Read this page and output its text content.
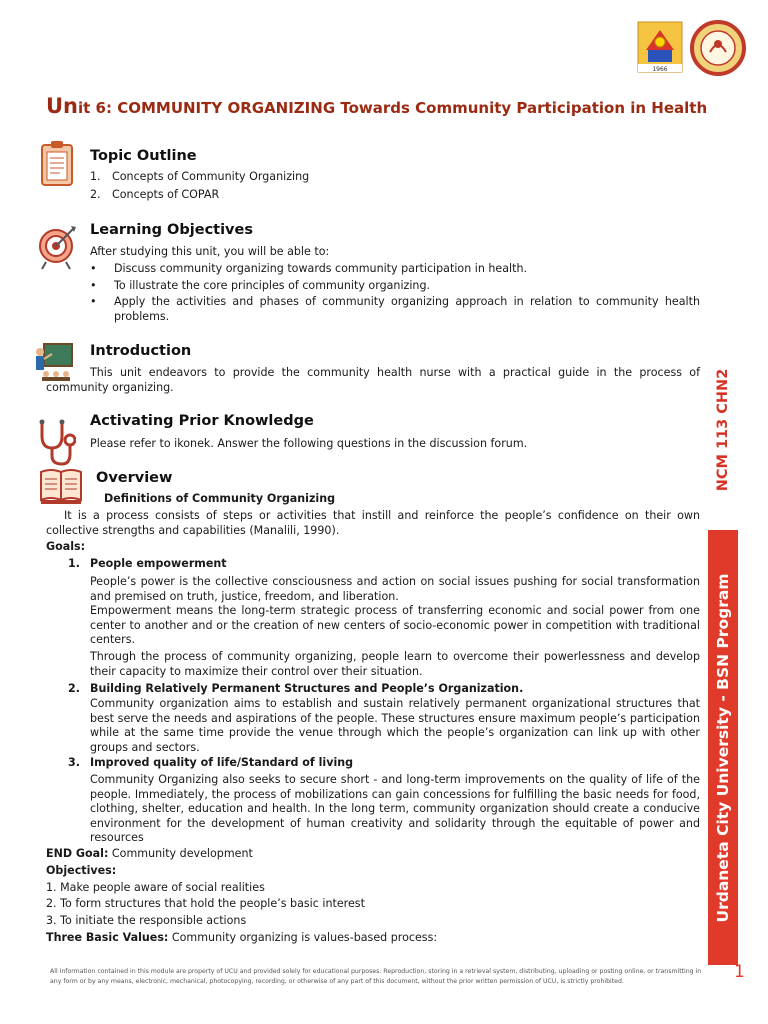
1966
Unit 6: COMMUNITY ORGANIZING Towards Community Participation in Health
Topic Outline
1. Concepts of Community Organizing
2. Concepts of COPAR
Learning Objectives
After studying this unit, you will be able to:
•	Discuss community organizing towards community participation in health.
•	To illustrate the core principles of community organizing.
•	Apply the activities and phases of community organizing approach in relation to community health problems.
Introduction
This unit endeavors to provide the community health nurse with a practical guide in the process of community organizing.
Activating Prior Knowledge
Please refer to ikonek. Answer the following questions in the discussion forum.
Overview
Definitions of Community Organizing
It is a process consists of steps or activities that instill and reinforce the people’s confidence on their own collective strengths and capabilities (Manalili, 1990).
Goals:
1. People empowerment
People’s power is the collective consciousness and action on social issues pushing for social transformation and premised on truth, justice, freedom, and liberation.
Empowerment means the long-term strategic process of transferring economic and social power from one center to another and or the creation of new centers of socio-economic power in competition with traditional centers.
Through the process of community organizing, people learn to overcome their powerlessness and develop their capacity to maximize their control over their situation.
2. Building Relatively Permanent Structures and People’s Organization.
Community organization aims to establish and sustain relatively permanent organizational structures that best serve the needs and aspirations of the people. These structures ensure maximum people’s participation while at the same time provide the venue through which the people’s organization can link up with other groups and sectors.
3. Improved quality of life/Standard of living
Community Organizing also seeks to secure short - and long-term improvements on the quality of life of the people. Immediately, the process of mobilizations can gain concessions for fulfilling the basic needs for food, clothing, shelter, education and health. In the long term, community organization should create a conducive environment for the development of human creativity and solidarity through the equitable of power and resources
END Goal: Community development
Objectives:
1. Make people aware of social realities
2. To form structures that hold the people’s basic interest
3. To initiate the responsible actions
Three Basic Values: Community organizing is values-based process:
NCM 113 CHN2
Urdaneta City University - BSN Program
All information contained in this module are property of UCU and provided solely for educational purposes. Reproduction, storing in a retrieval system, distributing, uploading or posting online, or transmitting in any form or by any means, electronic, mechanical, photocopying, recording, or otherwise of any part of this document, without the prior written permission of UCU, is strictly prohibited.	1
